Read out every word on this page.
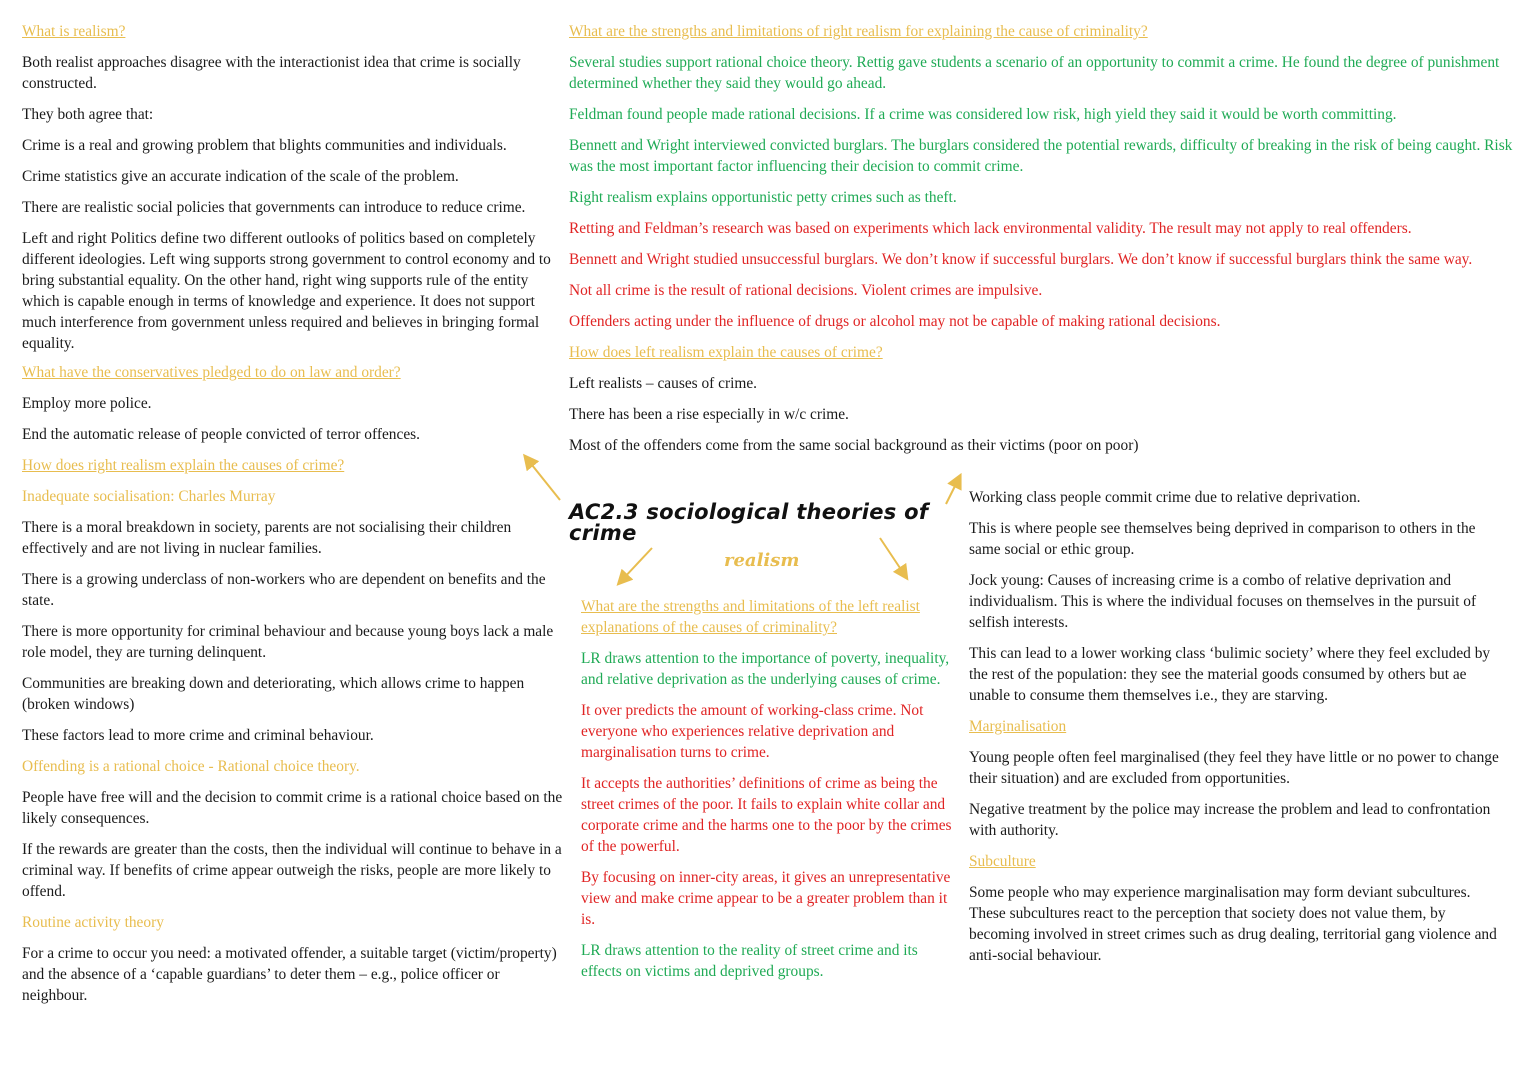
What is realism?

Both realist approaches disagree with the interactionist idea that crime is socially constructed.

They both agree that:

Crime is a real and growing problem that blights communities and individuals.

Crime statistics give an accurate indication of the scale of the problem.

There are realistic social policies that governments can introduce to reduce crime.

Left and right Politics define two different outlooks of politics based on completely different ideologies. Left wing supports strong government to control economy and to bring substantial equality. On the other hand, right wing supports rule of the entity which is capable enough in terms of knowledge and experience. It does not support much interference from government unless required and believes in bringing formal equality.

What have the conservatives pledged to do on law and order?

Employ more police.

End the automatic release of people convicted of terror offences.

How does right realism explain the causes of crime?

Inadequate socialisation: Charles Murray

There is a moral breakdown in society, parents are not socialising their children effectively and are not living in nuclear families.

There is a growing underclass of non-workers who are dependent on benefits and the state.

There is more opportunity for criminal behaviour and because young boys lack a male role model, they are turning delinquent.

Communities are breaking down and deteriorating, which allows crime to happen (broken windows)

These factors lead to more crime and criminal behaviour.

Offending is a rational choice - Rational choice theory.

People have free will and the decision to commit crime is a rational choice based on the likely consequences.

If the rewards are greater than the costs, then the individual will continue to behave in a criminal way. If benefits of crime appear outweigh the risks, people are more likely to offend.

Routine activity theory

For a crime to occur you need: a motivated offender, a suitable target (victim/property) and the absence of a ‘capable guardians’ to deter them – e.g., police officer or neighbour.

What are the strengths and limitations of right realism for explaining the cause of criminality?

Several studies support rational choice theory. Rettig gave students a scenario of an opportunity to commit a crime. He found the degree of punishment determined whether they said they would go ahead.

Feldman found people made rational decisions. If a crime was considered low risk, high yield they said it would be worth committing.

Bennett and Wright interviewed convicted burglars. The burglars considered the potential rewards, difficulty of breaking in the risk of being caught. Risk was the most important factor influencing their decision to commit crime.

Right realism explains opportunistic petty crimes such as theft.

Retting and Feldman’s research was based on experiments which lack environmental validity. The result may not apply to real offenders.

Bennett and Wright studied unsuccessful burglars. We don’t know if successful burglars. We don’t know if successful burglars think the same way.

Not all crime is the result of rational decisions. Violent crimes are impulsive.

Offenders acting under the influence of drugs or alcohol may not be capable of making rational decisions.

How does left realism explain the causes of crime?

Left realists – causes of crime.

There has been a rise especially in w/c crime.

Most of the offenders come from the same social background as their victims (poor on poor)

AC2.3 sociological theories of crime
realism

What are the strengths and limitations of the left realist explanations of the causes of criminality?

LR draws attention to the importance of poverty, inequality, and relative deprivation as the underlying causes of crime.

It over predicts the amount of working-class crime. Not everyone who experiences relative deprivation and marginalisation turns to crime.

It accepts the authorities’ definitions of crime as being the street crimes of the poor. It fails to explain white collar and corporate crime and the harms one to the poor by the crimes of the powerful.

By focusing on inner-city areas, it gives an unrepresentative view and make crime appear to be a greater problem than it is.

LR draws attention to the reality of street crime and its effects on victims and deprived groups.

Working class people commit crime due to relative deprivation.

This is where people see themselves being deprived in comparison to others in the same social or ethic group.

Jock young: Causes of increasing crime is a combo of relative deprivation and individualism. This is where the individual focuses on themselves in the pursuit of selfish interests.

This can lead to a lower working class ‘bulimic society’ where they feel excluded by the rest of the population: they see the material goods consumed by others but ae unable to consume them themselves i.e., they are starving.

Marginalisation

Young people often feel marginalised (they feel they have little or no power to change their situation) and are excluded from opportunities.

Negative treatment by the police may increase the problem and lead to confrontation with authority.

Subculture

Some people who may experience marginalisation may form deviant subcultures. These subcultures react to the perception that society does not value them, by becoming involved in street crimes such as drug dealing, territorial gang violence and anti-social behaviour.
